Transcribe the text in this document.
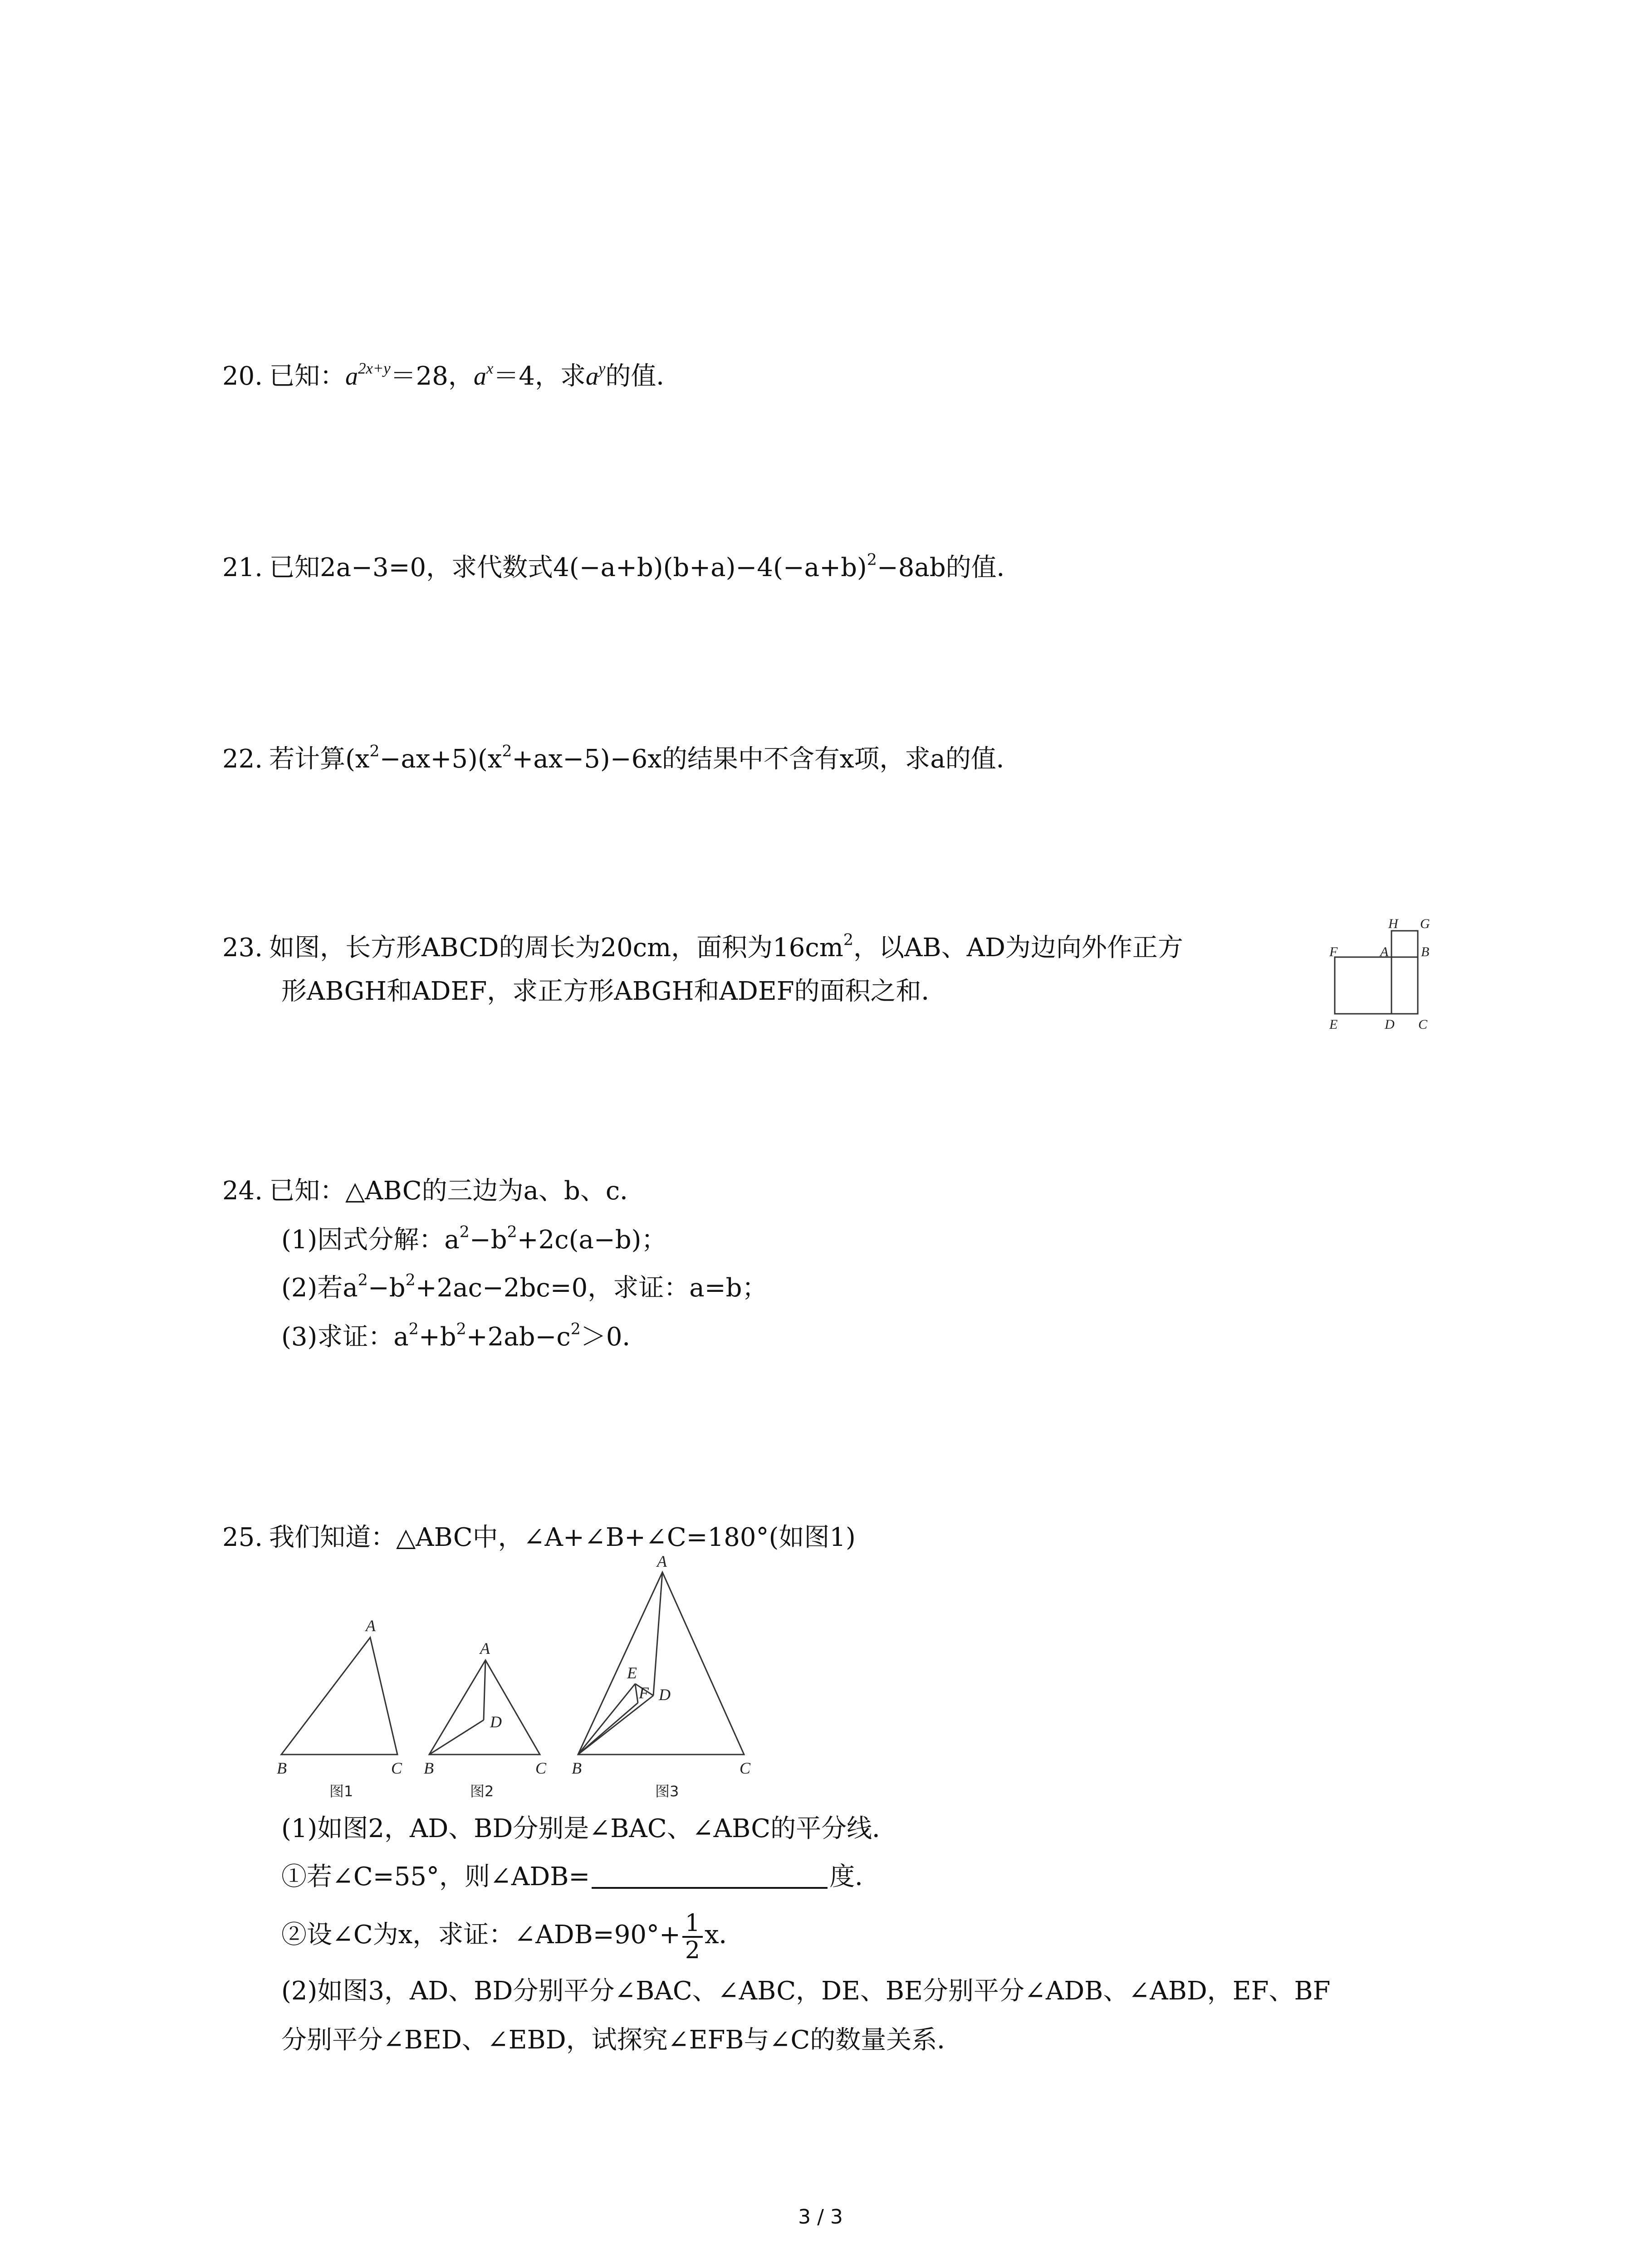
20. 已知：$a^{2x+y}=28$，$a^x=4$，求$a^y$的值．
21. 已知2a−3=0，求代数式$4(-a+b)(b+a)-4(-a+b)^2-8ab$的值．
22. 若计算$(x^2-ax+5)(x^2+ax-5)-6x$的结果中不含有x项，求a的值．
23. 如图，长方形ABCD的周长为20cm，面积为$16cm^2$，以AB、AD为边向外作正方
形ABGH和ADEF，求正方形ABGH和ADEF的面积之和．
H G
F	A B
E	D C
24. 已知：△ABC的三边为a、b、c．
(1)因式分解：$a^2-b^2+2c(a-b)$；
(2)若$a^2-b^2+2ac-2bc=0$，求证：a=b；
(3)求证：$a^2+b^2+2ab-c^2>0$．
25. 我们知道：△ABC中，∠A+∠B+∠C=180°(如图1)
A
B	C
A
D
B	C
A
E
F D
B	C
图1	图2	图3
(1)如图2，AD、BD分别是∠BAC、∠ABC的平分线．
①若∠C=55°，则∠ADB=	度．
②设∠C为x，求证：∠ADB=90°+ $\frac{1}{2}$ x．
(2)如图3，AD、BD分别平分∠BAC、∠ABC，DE、BE分别平分∠ADB、∠ABD，EF、BF
分别平分∠BED、∠EBD，试探究∠EFB与∠C的数量关系．
3 / 3
